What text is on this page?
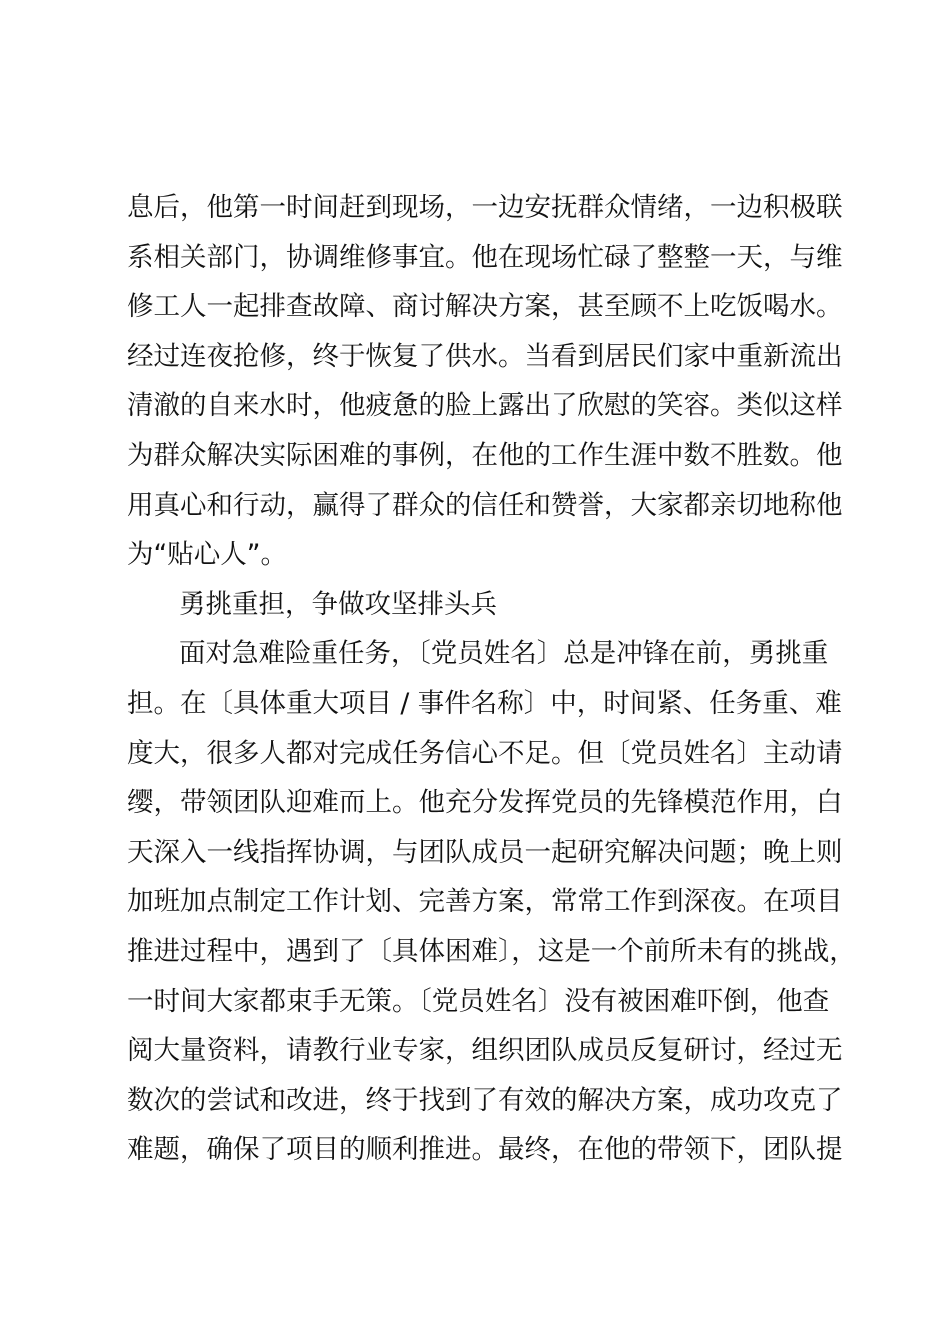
息后，他第一时间赶到现场，一边安抚群众情绪，一边积极联
系相关部门，协调维修事宜。他在现场忙碌了整整一天，与维
修工人一起排查故障、商讨解决方案，甚至顾不上吃饭喝水。
经过连夜抢修，终于恢复了供水。当看到居民们家中重新流出
清澈的自来水时，他疲惫的脸上露出了欣慰的笑容。类似这样
为群众解决实际困难的事例，在他的工作生涯中数不胜数。他
用真心和行动，赢得了群众的信任和赞誉，大家都亲切地称他
为“贴心人”。
勇挑重担，争做攻坚排头兵
面对急难险重任务，〔党员姓名〕总是冲锋在前，勇挑重
担。在〔具体重大项目 / 事件名称〕中，时间紧、任务重、难
度大，很多人都对完成任务信心不足。但〔党员姓名〕主动请
缨，带领团队迎难而上。他充分发挥党员的先锋模范作用，白
天深入一线指挥协调，与团队成员一起研究解决问题；晚上则
加班加点制定工作计划、完善方案，常常工作到深夜。在项目
推进过程中，遇到了〔具体困难〕，这是一个前所未有的挑战，
一时间大家都束手无策。〔党员姓名〕没有被困难吓倒，他查
阅大量资料，请教行业专家，组织团队成员反复研讨，经过无
数次的尝试和改进，终于找到了有效的解决方案，成功攻克了
难题，确保了项目的顺利推进。最终，在他的带领下，团队提
